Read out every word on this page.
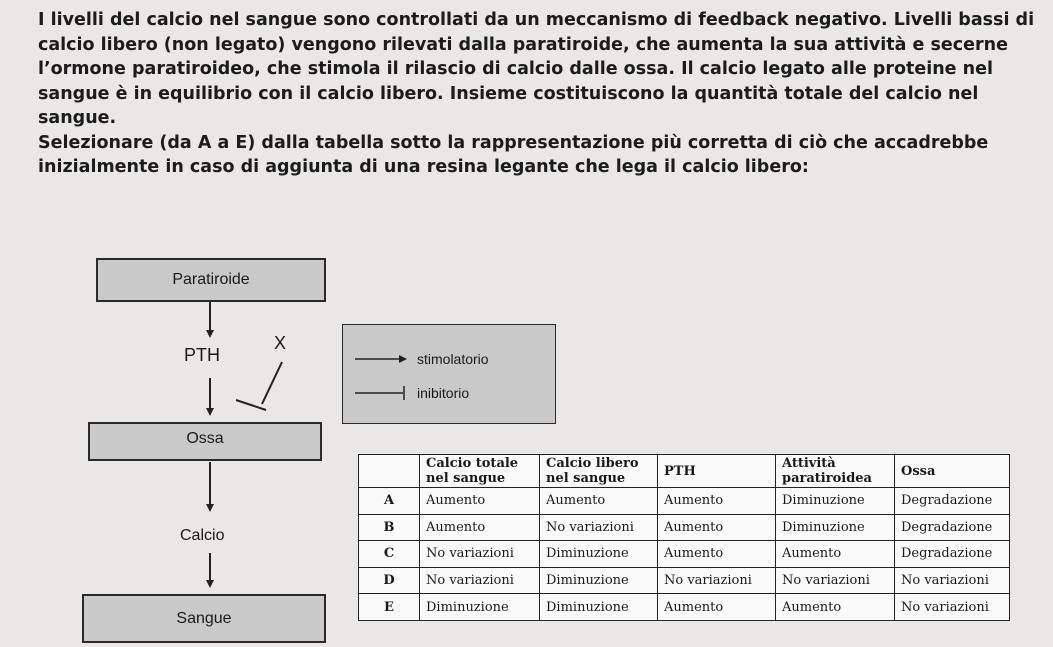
I livelli del calcio nel sangue sono controllati da un meccanismo di feedback negativo. Livelli bassi di calcio libero (non legato) vengono rilevati dalla paratiroide, che aumenta la sua attività e secerne l’ormone paratiroideo, che stimola il rilascio di calcio dalle ossa. Il calcio legato alle proteine nel sangue è in equilibrio con il calcio libero. Insieme costituiscono la quantità totale del calcio nel sangue.

Selezionare (da A a E) dalla tabella sotto la rappresentazione più corretta di ciò che accadrebbe inizialmente in caso di aggiunta di una resina legante che lega il calcio libero:

Paratiroide
PTH
X
Ossa
Calcio
Sangue
stimolatorio
inibitorio
	Calcio totale nel sangue	Calcio libero nel sangue	PTH	Attività paratiroidea	Ossa
A	Aumento	Aumento	Aumento	Diminuzione	Degradazione
B	Aumento	No variazioni	Aumento	Diminuzione	Degradazione
C	No variazioni	Diminuzione	Aumento	Aumento	Degradazione
D	No variazioni	Diminuzione	No variazioni	No variazioni	No variazioni
E	Diminuzione	Diminuzione	Aumento	Aumento	No variazioni
